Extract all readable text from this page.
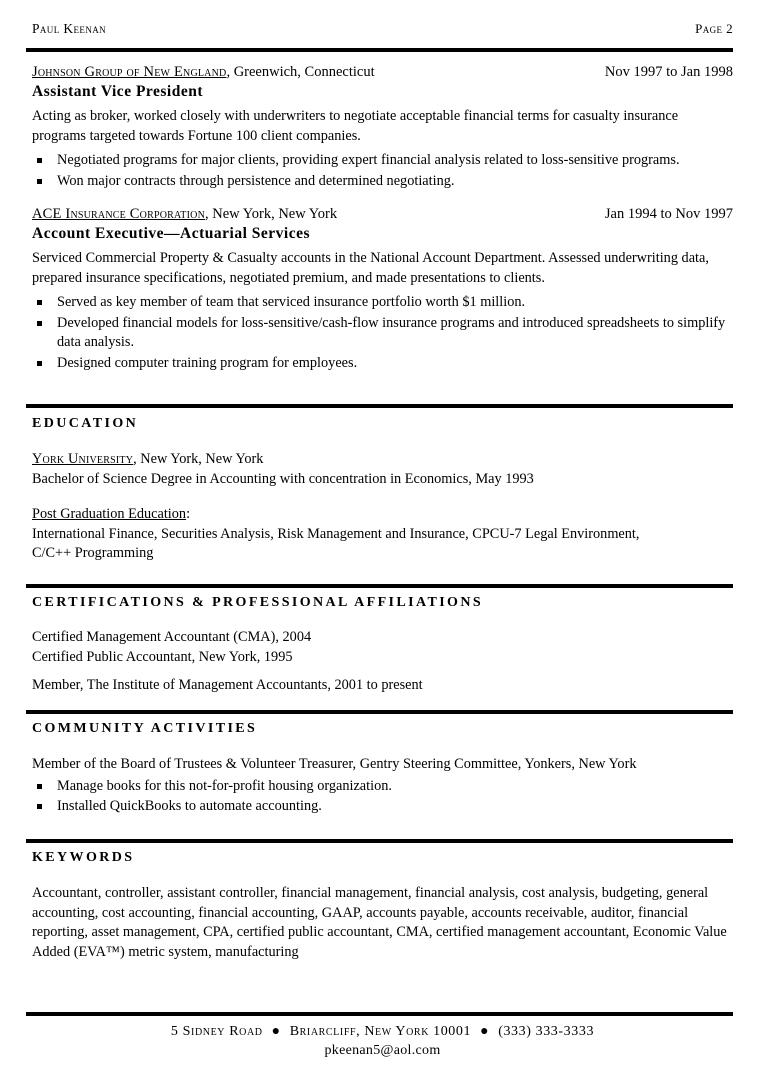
Paul Keenan	Page 2
Johnson Group of New England, Greenwich, Connecticut	Nov 1997 to Jan 1998
Assistant Vice President
Acting as broker, worked closely with underwriters to negotiate acceptable financial terms for casualty insurance programs targeted towards Fortune 100 client companies.
Negotiated programs for major clients, providing expert financial analysis related to loss-sensitive programs.
Won major contracts through persistence and determined negotiating.
ACE Insurance Corporation, New York, New York	Jan 1994 to Nov 1997
Account Executive—Actuarial Services
Serviced Commercial Property & Casualty accounts in the National Account Department. Assessed underwriting data, prepared insurance specifications, negotiated premium, and made presentations to clients.
Served as key member of team that serviced insurance portfolio worth $1 million.
Developed financial models for loss-sensitive/cash-flow insurance programs and introduced spreadsheets to simplify data analysis.
Designed computer training program for employees.
EDUCATION
York University, New York, New York
Bachelor of Science Degree in Accounting with concentration in Economics, May 1993
Post Graduation Education:
International Finance, Securities Analysis, Risk Management and Insurance, CPCU-7 Legal Environment,
C/C++ Programming
CERTIFICATIONS & PROFESSIONAL AFFILIATIONS
Certified Management Accountant (CMA), 2004
Certified Public Accountant, New York, 1995
Member, The Institute of Management Accountants, 2001 to present
COMMUNITY ACTIVITIES
Member of the Board of Trustees & Volunteer Treasurer, Gentry Steering Committee, Yonkers, New York
Manage books for this not-for-profit housing organization.
Installed QuickBooks to automate accounting.
KEYWORDS
Accountant, controller, assistant controller, financial management, financial analysis, cost analysis, budgeting, general accounting, cost accounting, financial accounting, GAAP, accounts payable, accounts receivable, auditor, financial reporting, asset management, CPA, certified public accountant, CMA, certified management accountant, Economic Value Added (EVA™) metric system, manufacturing
5 Sidney Road ● Briarcliff, New York 10001 ● (333) 333-3333
pkeenan5@aol.com
